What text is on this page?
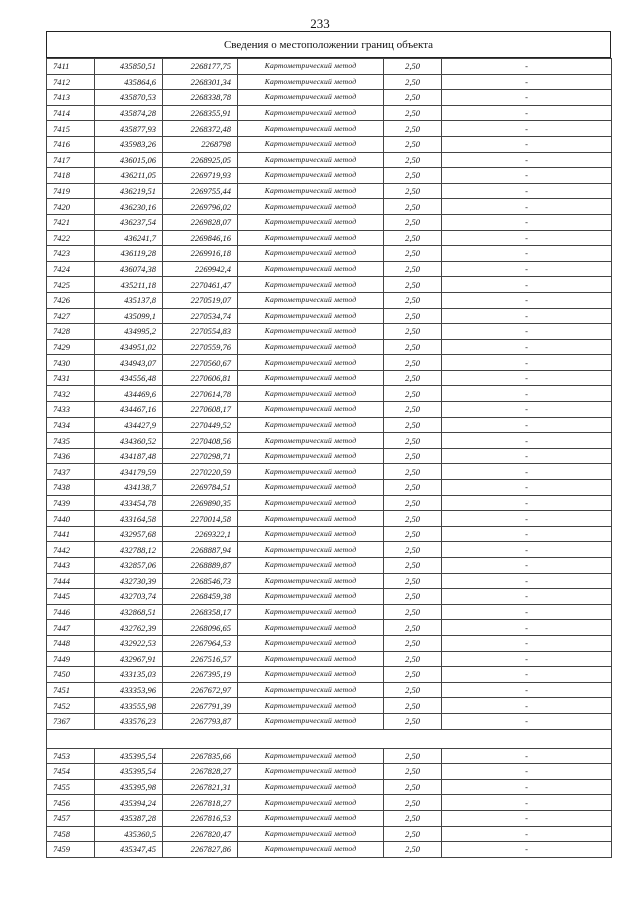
233
Сведения о местоположении границ объекта
7411	435850,51	2268177,75	Картометрический метод	2,50	-
7412	435864,6	2268301,34	Картометрический метод	2,50	-
7413	435870,53	2268338,78	Картометрический метод	2,50	-
7414	435874,28	2268355,91	Картометрический метод	2,50	-
7415	435877,93	2268372,48	Картометрический метод	2,50	-
7416	435983,26	2268798	Картометрический метод	2,50	-
7417	436015,06	2268925,05	Картометрический метод	2,50	-
7418	436211,05	2269719,93	Картометрический метод	2,50	-
7419	436219,51	2269755,44	Картометрический метод	2,50	-
7420	436230,16	2269796,02	Картометрический метод	2,50	-
7421	436237,54	2269828,07	Картометрический метод	2,50	-
7422	436241,7	2269846,16	Картометрический метод	2,50	-
7423	436119,28	2269916,18	Картометрический метод	2,50	-
7424	436074,38	2269942,4	Картометрический метод	2,50	-
7425	435211,18	2270461,47	Картометрический метод	2,50	-
7426	435137,8	2270519,07	Картометрический метод	2,50	-
7427	435099,1	2270534,74	Картометрический метод	2,50	-
7428	434995,2	2270554,83	Картометрический метод	2,50	-
7429	434951,02	2270559,76	Картометрический метод	2,50	-
7430	434943,07	2270560,67	Картометрический метод	2,50	-
7431	434556,48	2270606,81	Картометрический метод	2,50	-
7432	434469,6	2270614,78	Картометрический метод	2,50	-
7433	434467,16	2270608,17	Картометрический метод	2,50	-
7434	434427,9	2270449,52	Картометрический метод	2,50	-
7435	434360,52	2270408,56	Картометрический метод	2,50	-
7436	434187,48	2270298,71	Картометрический метод	2,50	-
7437	434179,59	2270220,59	Картометрический метод	2,50	-
7438	434138,7	2269784,51	Картометрический метод	2,50	-
7439	433454,78	2269890,35	Картометрический метод	2,50	-
7440	433164,58	2270014,58	Картометрический метод	2,50	-
7441	432957,68	2269322,1	Картометрический метод	2,50	-
7442	432788,12	2268887,94	Картометрический метод	2,50	-
7443	432857,06	2268889,87	Картометрический метод	2,50	-
7444	432730,39	2268546,73	Картометрический метод	2,50	-
7445	432703,74	2268459,38	Картометрический метод	2,50	-
7446	432868,51	2268358,17	Картометрический метод	2,50	-
7447	432762,39	2268096,65	Картометрический метод	2,50	-
7448	432922,53	2267964,53	Картометрический метод	2,50	-
7449	432967,91	2267516,57	Картометрический метод	2,50	-
7450	433135,03	2267395,19	Картометрический метод	2,50	-
7451	433353,96	2267672,97	Картометрический метод	2,50	-
7452	433555,98	2267791,39	Картометрический метод	2,50	-
7367	433576,23	2267793,87	Картометрический метод	2,50	-

7453	435395,54	2267835,66	Картометрический метод	2,50	-
7454	435395,54	2267828,27	Картометрический метод	2,50	-
7455	435395,98	2267821,31	Картометрический метод	2,50	-
7456	435394,24	2267818,27	Картометрический метод	2,50	-
7457	435387,28	2267816,53	Картометрический метод	2,50	-
7458	435360,5	2267820,47	Картометрический метод	2,50	-
7459	435347,45	2267827,86	Картометрический метод	2,50	-
